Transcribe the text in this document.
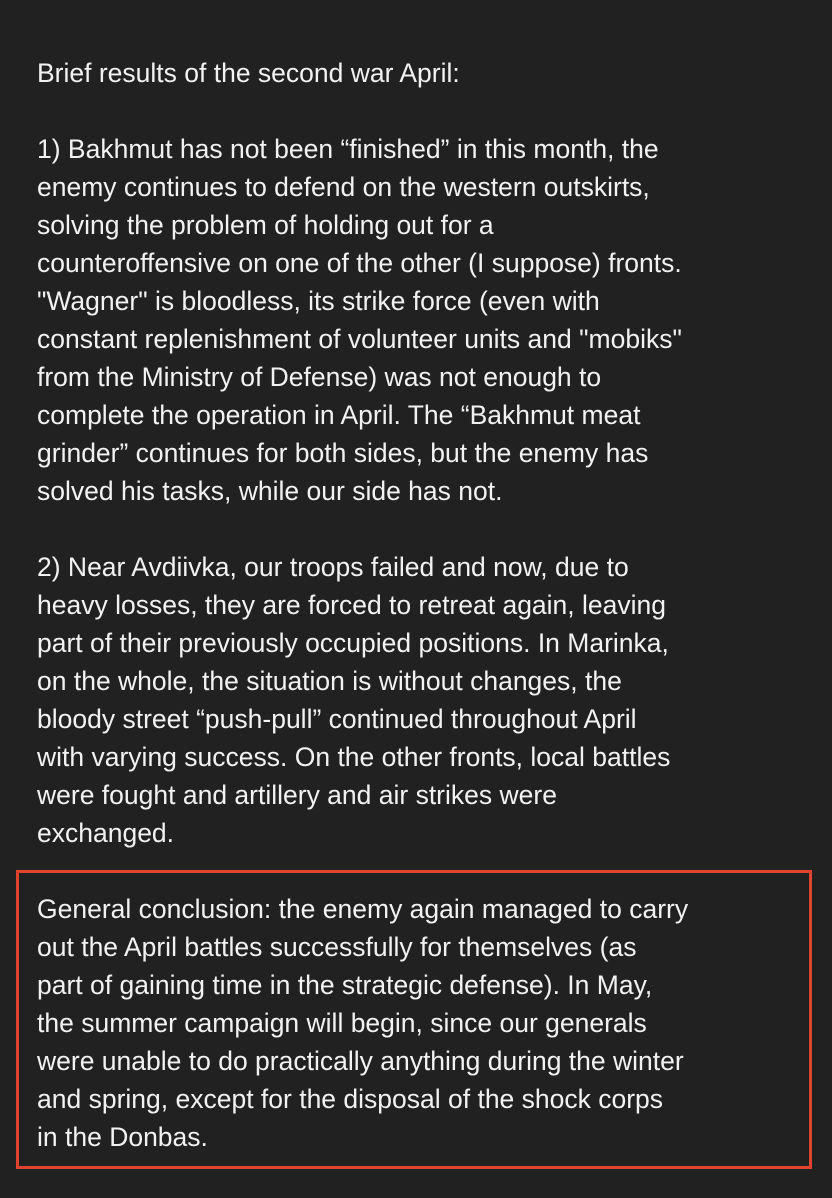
Brief results of the second war April:

1) Bakhmut has not been “finished” in this month, the
enemy continues to defend on the western outskirts,
solving the problem of holding out for a
counteroffensive on one of the other (I suppose) fronts.
"Wagner" is bloodless, its strike force (even with
constant replenishment of volunteer units and "mobiks"
from the Ministry of Defense) was not enough to
complete the operation in April. The “Bakhmut meat
grinder” continues for both sides, but the enemy has
solved his tasks, while our side has not.

2) Near Avdiivka, our troops failed and now, due to
heavy losses, they are forced to retreat again, leaving
part of their previously occupied positions. In Marinka,
on the whole, the situation is without changes, the
bloody street “push-pull” continued throughout April
with varying success. On the other fronts, local battles
were fought and artillery and air strikes were
exchanged.

General conclusion: the enemy again managed to carry
out the April battles successfully for themselves (as
part of gaining time in the strategic defense). In May,
the summer campaign will begin, since our generals
were unable to do practically anything during the winter
and spring, except for the disposal of the shock corps
in the Donbas.
